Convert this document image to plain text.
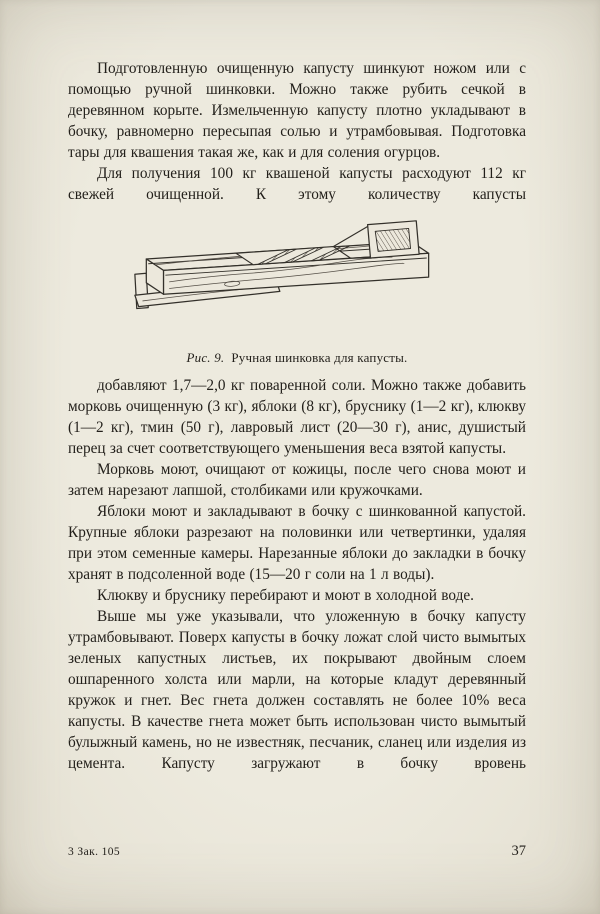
Подготовленную очищенную капусту шинкуют ножом или с помощью ручной шинковки. Можно также рубить сечкой в деревянном корыте. Измельченную капусту плотно укладывают в бочку, равномерно пересыпая солью и утрамбовывая. Подготовка тары для квашения такая же, как и для соления огурцов.

Для получения 100 кг квашеной капусты расходуют 112 кг свежей очищенной. К этому количеству капусты

Рис. 9. Ручная шинковка для капусты.

добавляют 1,7—2,0 кг поваренной соли. Можно также добавить морковь очищенную (3 кг), яблоки (8 кг), бруснику (1—2 кг), клюкву (1—2 кг), тмин (50 г), лавровый лист (20—30 г), анис, душистый перец за счет соответствующего уменьшения веса взятой капусты.

Морковь моют, очищают от кожицы, после чего снова моют и затем нарезают лапшой, столбиками или кружочками.

Яблоки моют и закладывают в бочку с шинкованной капустой. Крупные яблоки разрезают на половинки или четвертинки, удаляя при этом семенные камеры. Нарезанные яблоки до закладки в бочку хранят в подсоленной воде (15—20 г соли на 1 л воды).

Клюкву и бруснику перебирают и моют в холодной воде.

Выше мы уже указывали, что уложенную в бочку капусту утрамбовывают. Поверх капусты в бочку ложат слой чисто вымытых зеленых капустных листьев, их покрывают двойным слоем ошпаренного холста или марли, на которые кладут деревянный кружок и гнет. Вес гнета должен составлять не более 10% веса капусты. В качестве гнета может быть использован чисто вымытый булыжный камень, но не известняк, песчаник, сланец или изделия из цемента. Капусту загружают в бочку вровень

3 Зак. 105	37
